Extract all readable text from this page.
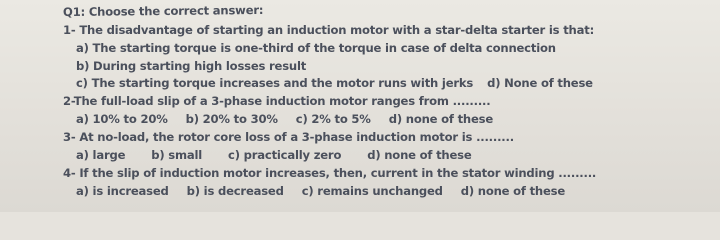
Q1: Choose the correct answer:
1- The disadvantage of starting an induction motor with a star-delta starter is that:
a) The starting torque is one-third of the torque in case of delta connection
b) During starting high losses result
c) The starting torque increases and the motor runs with jerks d) None of these
2-The full-load slip of a 3-phase induction motor ranges from .........
a) 10% to 20% b) 20% to 30% c) 2% to 5% d) none of these
3- At no-load, the rotor core loss of a 3-phase induction motor is .........
a) large b) small c) practically zero d) none of these
4- If the slip of induction motor increases, then, current in the stator winding .........
a) is increased b) is decreased c) remains unchanged d) none of these
